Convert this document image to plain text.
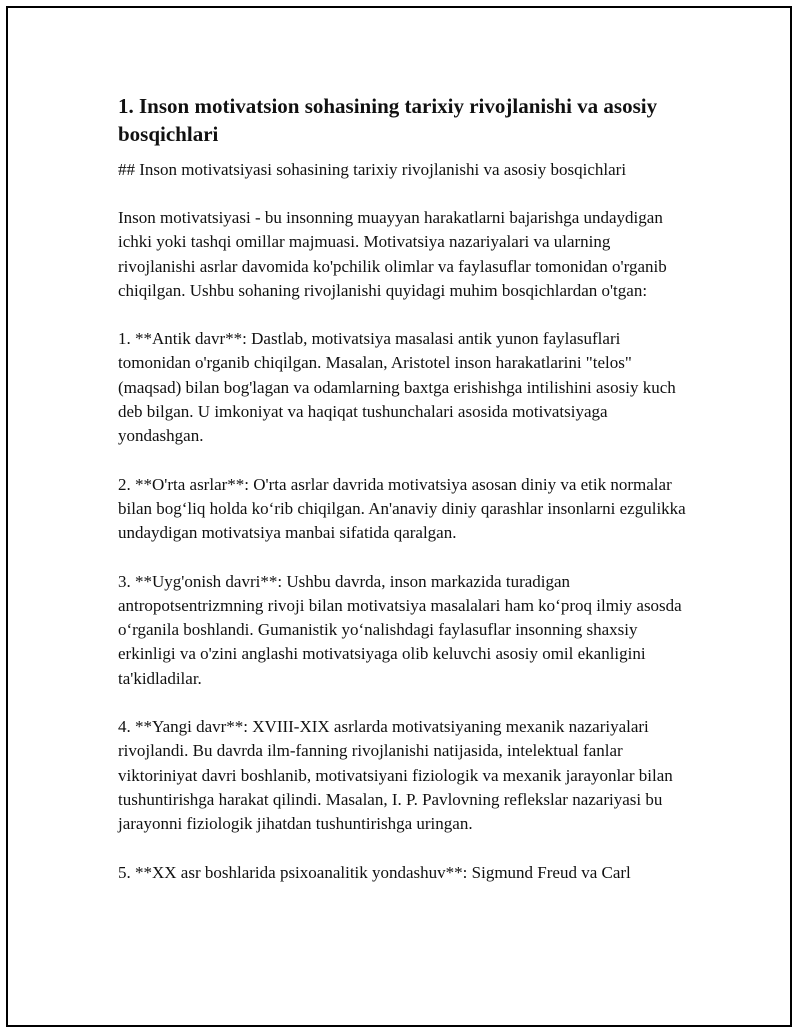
1. Inson motivatsion sohasining tarixiy rivojlanishi va asosiy bosqichlari
## Inson motivatsiyasi sohasining tarixiy rivojlanishi va asosiy bosqichlari
Inson motivatsiyasi - bu insonning muayyan harakatlarni bajarishga undaydigan ichki yoki tashqi omillar majmuasi. Motivatsiya nazariyalari va ularning rivojlanishi asrlar davomida ko'pchilik olimlar va faylasuflar tomonidan o'rganib chiqilgan. Ushbu sohaning rivojlanishi quyidagi muhim bosqichlardan o'tgan:
1. **Antik davr**: Dastlab, motivatsiya masalasi antik yunon faylasuflari tomonidan o'rganib chiqilgan. Masalan, Aristotel inson harakatlarini "telos" (maqsad) bilan bog'lagan va odamlarning baxtga erishishga intilishini asosiy kuch deb bilgan. U imkoniyat va haqiqat tushunchalari asosida motivatsiyaga yondashgan.
2. **O'rta asrlar**: O'rta asrlar davrida motivatsiya asosan diniy va etik normalar bilan bog‘liq holda ko‘rib chiqilgan. An'anaviy diniy qarashlar insonlarni ezgulikka undaydigan motivatsiya manbai sifatida qaralgan.
3. **Uyg'onish davri**: Ushbu davrda, inson markazida turadigan antropotsentrizmning rivoji bilan motivatsiya masalalari ham ko‘proq ilmiy asosda o‘rganila boshlandi. Gumanistik yo‘nalishdagi faylasuflar insonning shaxsiy erkinligi va o'zini anglashi motivatsiyaga olib keluvchi asosiy omil ekanligini ta'kidladilar.
4. **Yangi davr**: XVIII-XIX asrlarda motivatsiyaning mexanik nazariyalari rivojlandi. Bu davrda ilm-fanning rivojlanishi natijasida, intelektual fanlar viktoriniyat davri boshlanib, motivatsiyani fiziologik va mexanik jarayonlar bilan tushuntirishga harakat qilindi. Masalan, I. P. Pavlovning reflekslar nazariyasi bu jarayonni fiziologik jihatdan tushuntirishga uringan.
5. **XX asr boshlarida psixoanalitik yondashuv**: Sigmund Freud va Carl
